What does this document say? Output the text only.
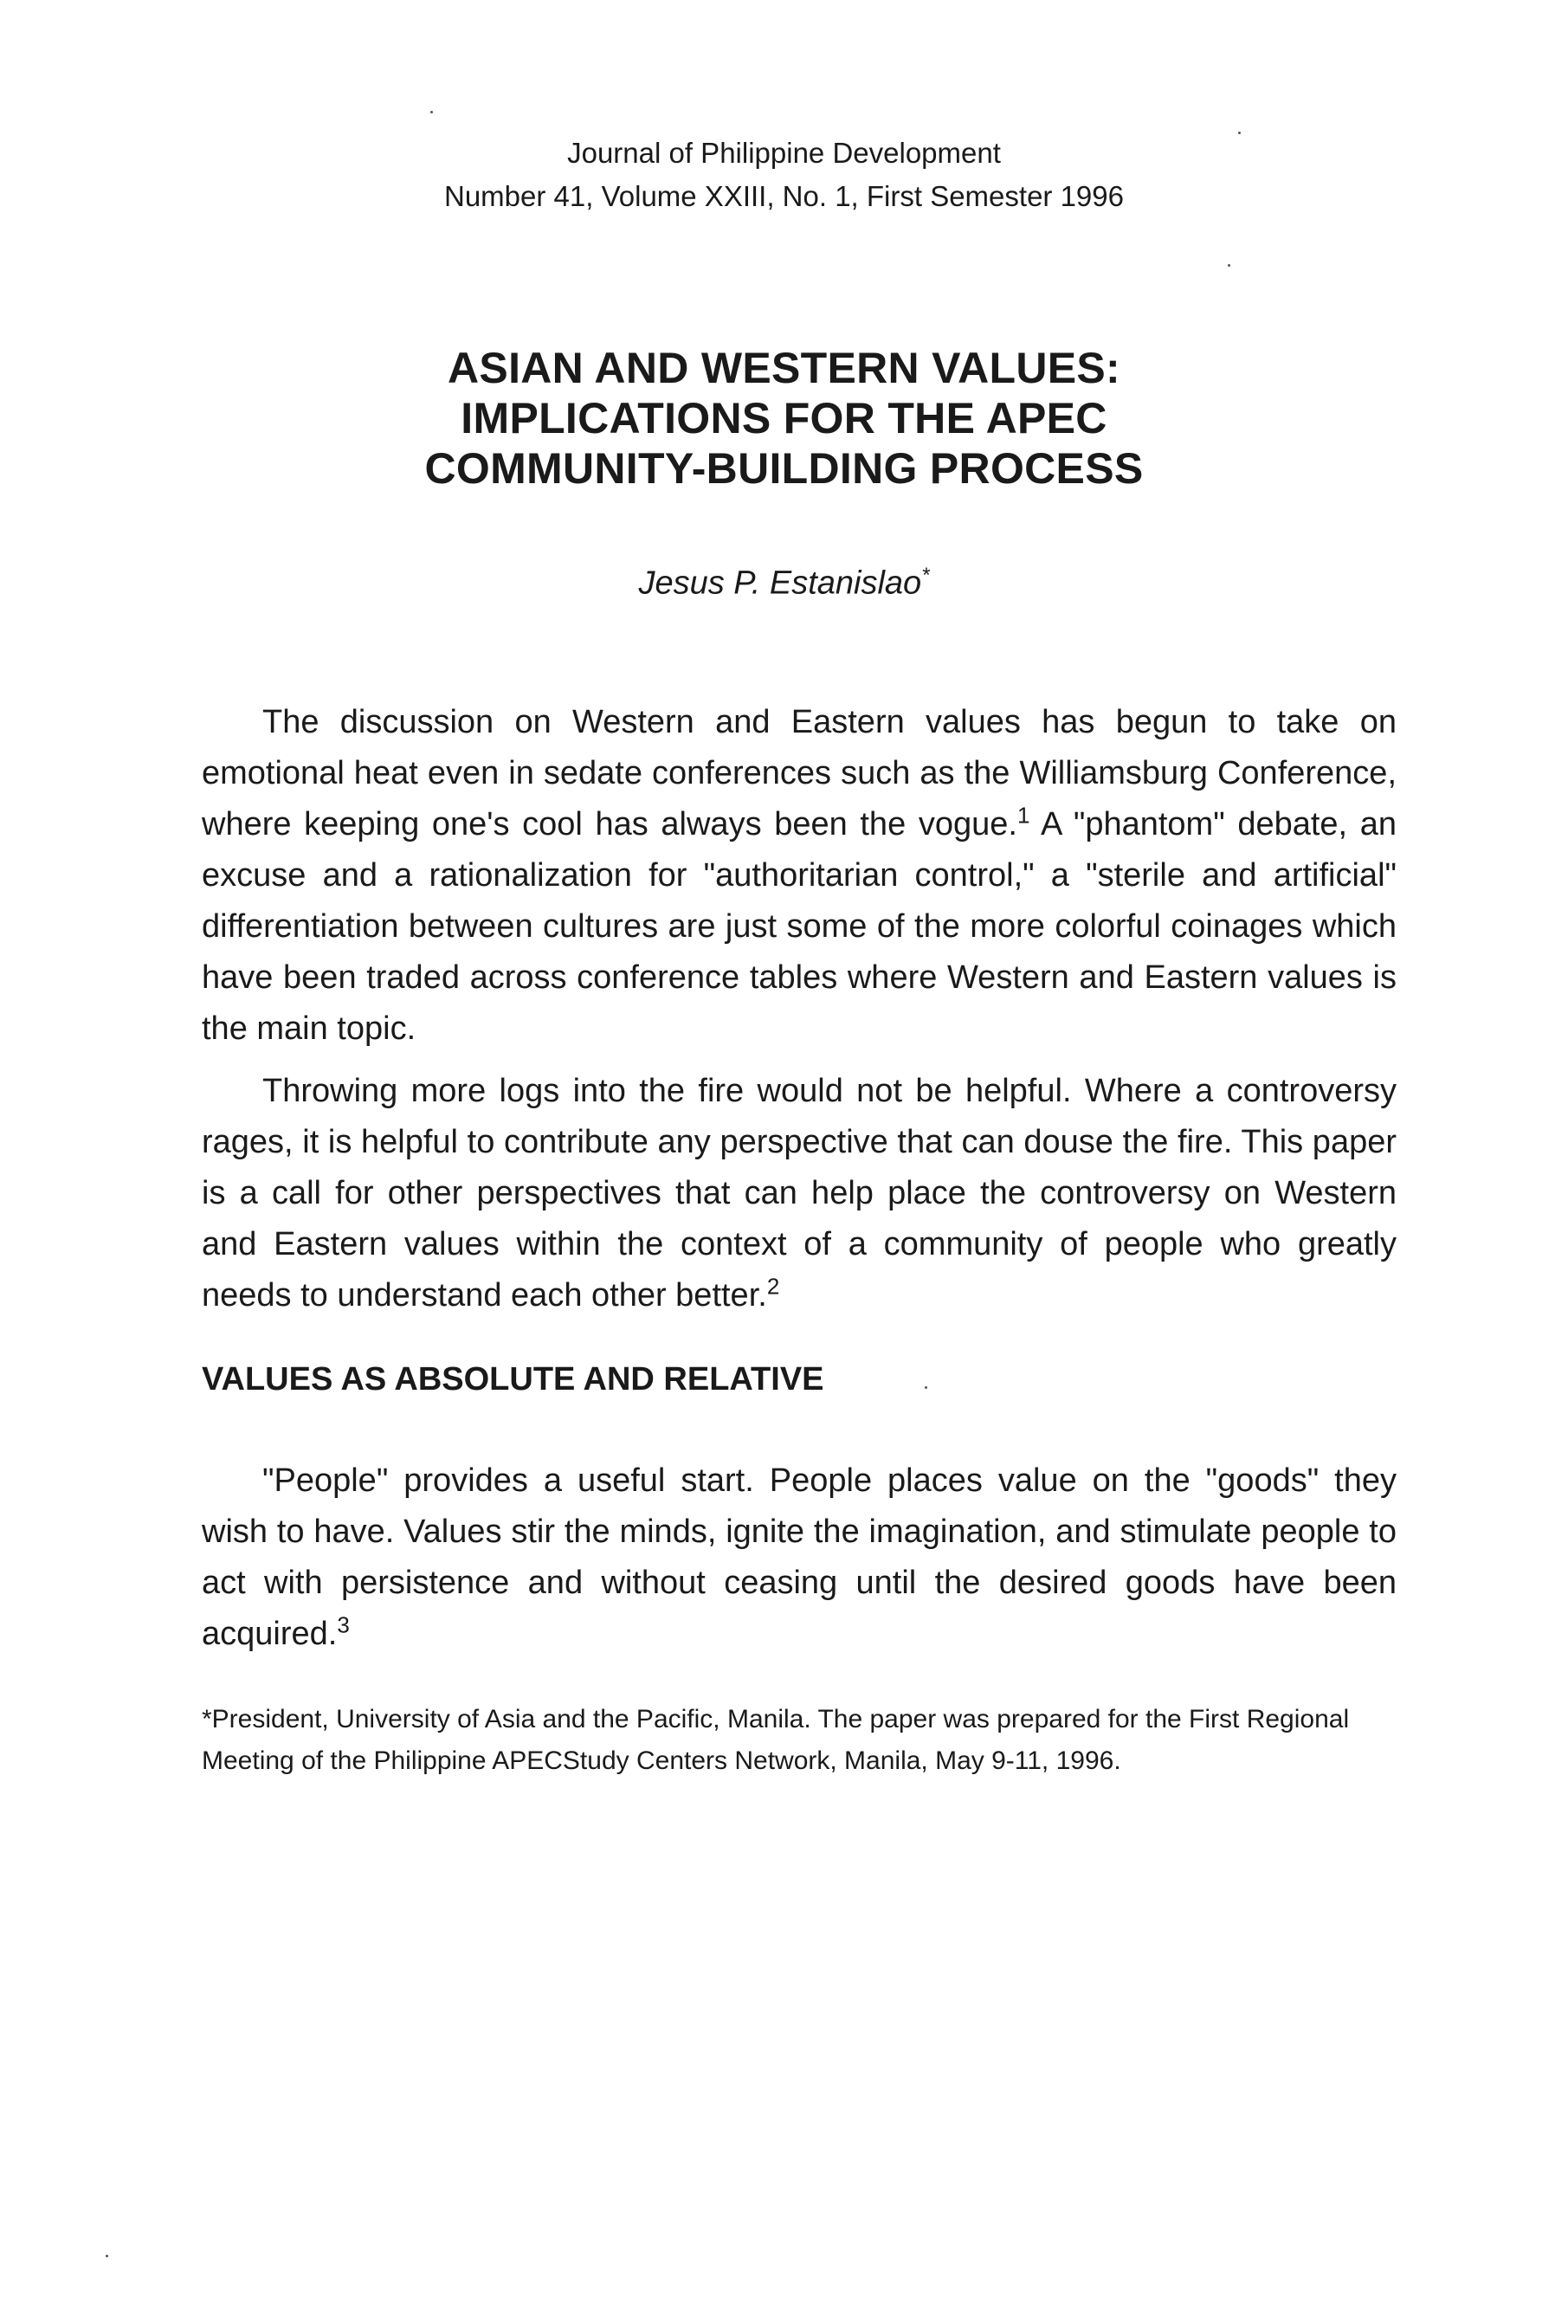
Journal of Philippine Development
Number 41, Volume XXIII, No. 1, First Semester 1996
ASIAN AND WESTERN VALUES:
IMPLICATIONS FOR THE APEC
COMMUNITY-BUILDING PROCESS
Jesus P. Estanislao*

The discussion on Western and Eastern values has begun to take on emotional heat even in sedate conferences such as the Williamsburg Conference, where keeping one's cool has always been the vogue.$^1$ A "phantom" debate, an excuse and a rationalization for "authoritarian control," a "sterile and artificial" differentiation between cultures are just some of the more colorful coinages which have been traded across conference tables where Western and Eastern values is the main topic.

Throwing more logs into the fire would not be helpful. Where a controversy rages, it is helpful to contribute any perspective that can douse the fire. This paper is a call for other perspectives that can help place the controversy on Western and Eastern values within the context of a community of people who greatly needs to understand each other better.$^2$

VALUES AS ABSOLUTE AND RELATIVE

"People" provides a useful start. People places value on the "goods" they wish to have. Values stir the minds, ignite the imagination, and stimulate people to act with persistence and without ceasing until the desired goods have been acquired.$^3$

*President, University of Asia and the Pacific, Manila. The paper was prepared for the First Regional Meeting of the Philippine APECStudy Centers Network, Manila, May 9-11, 1996.
